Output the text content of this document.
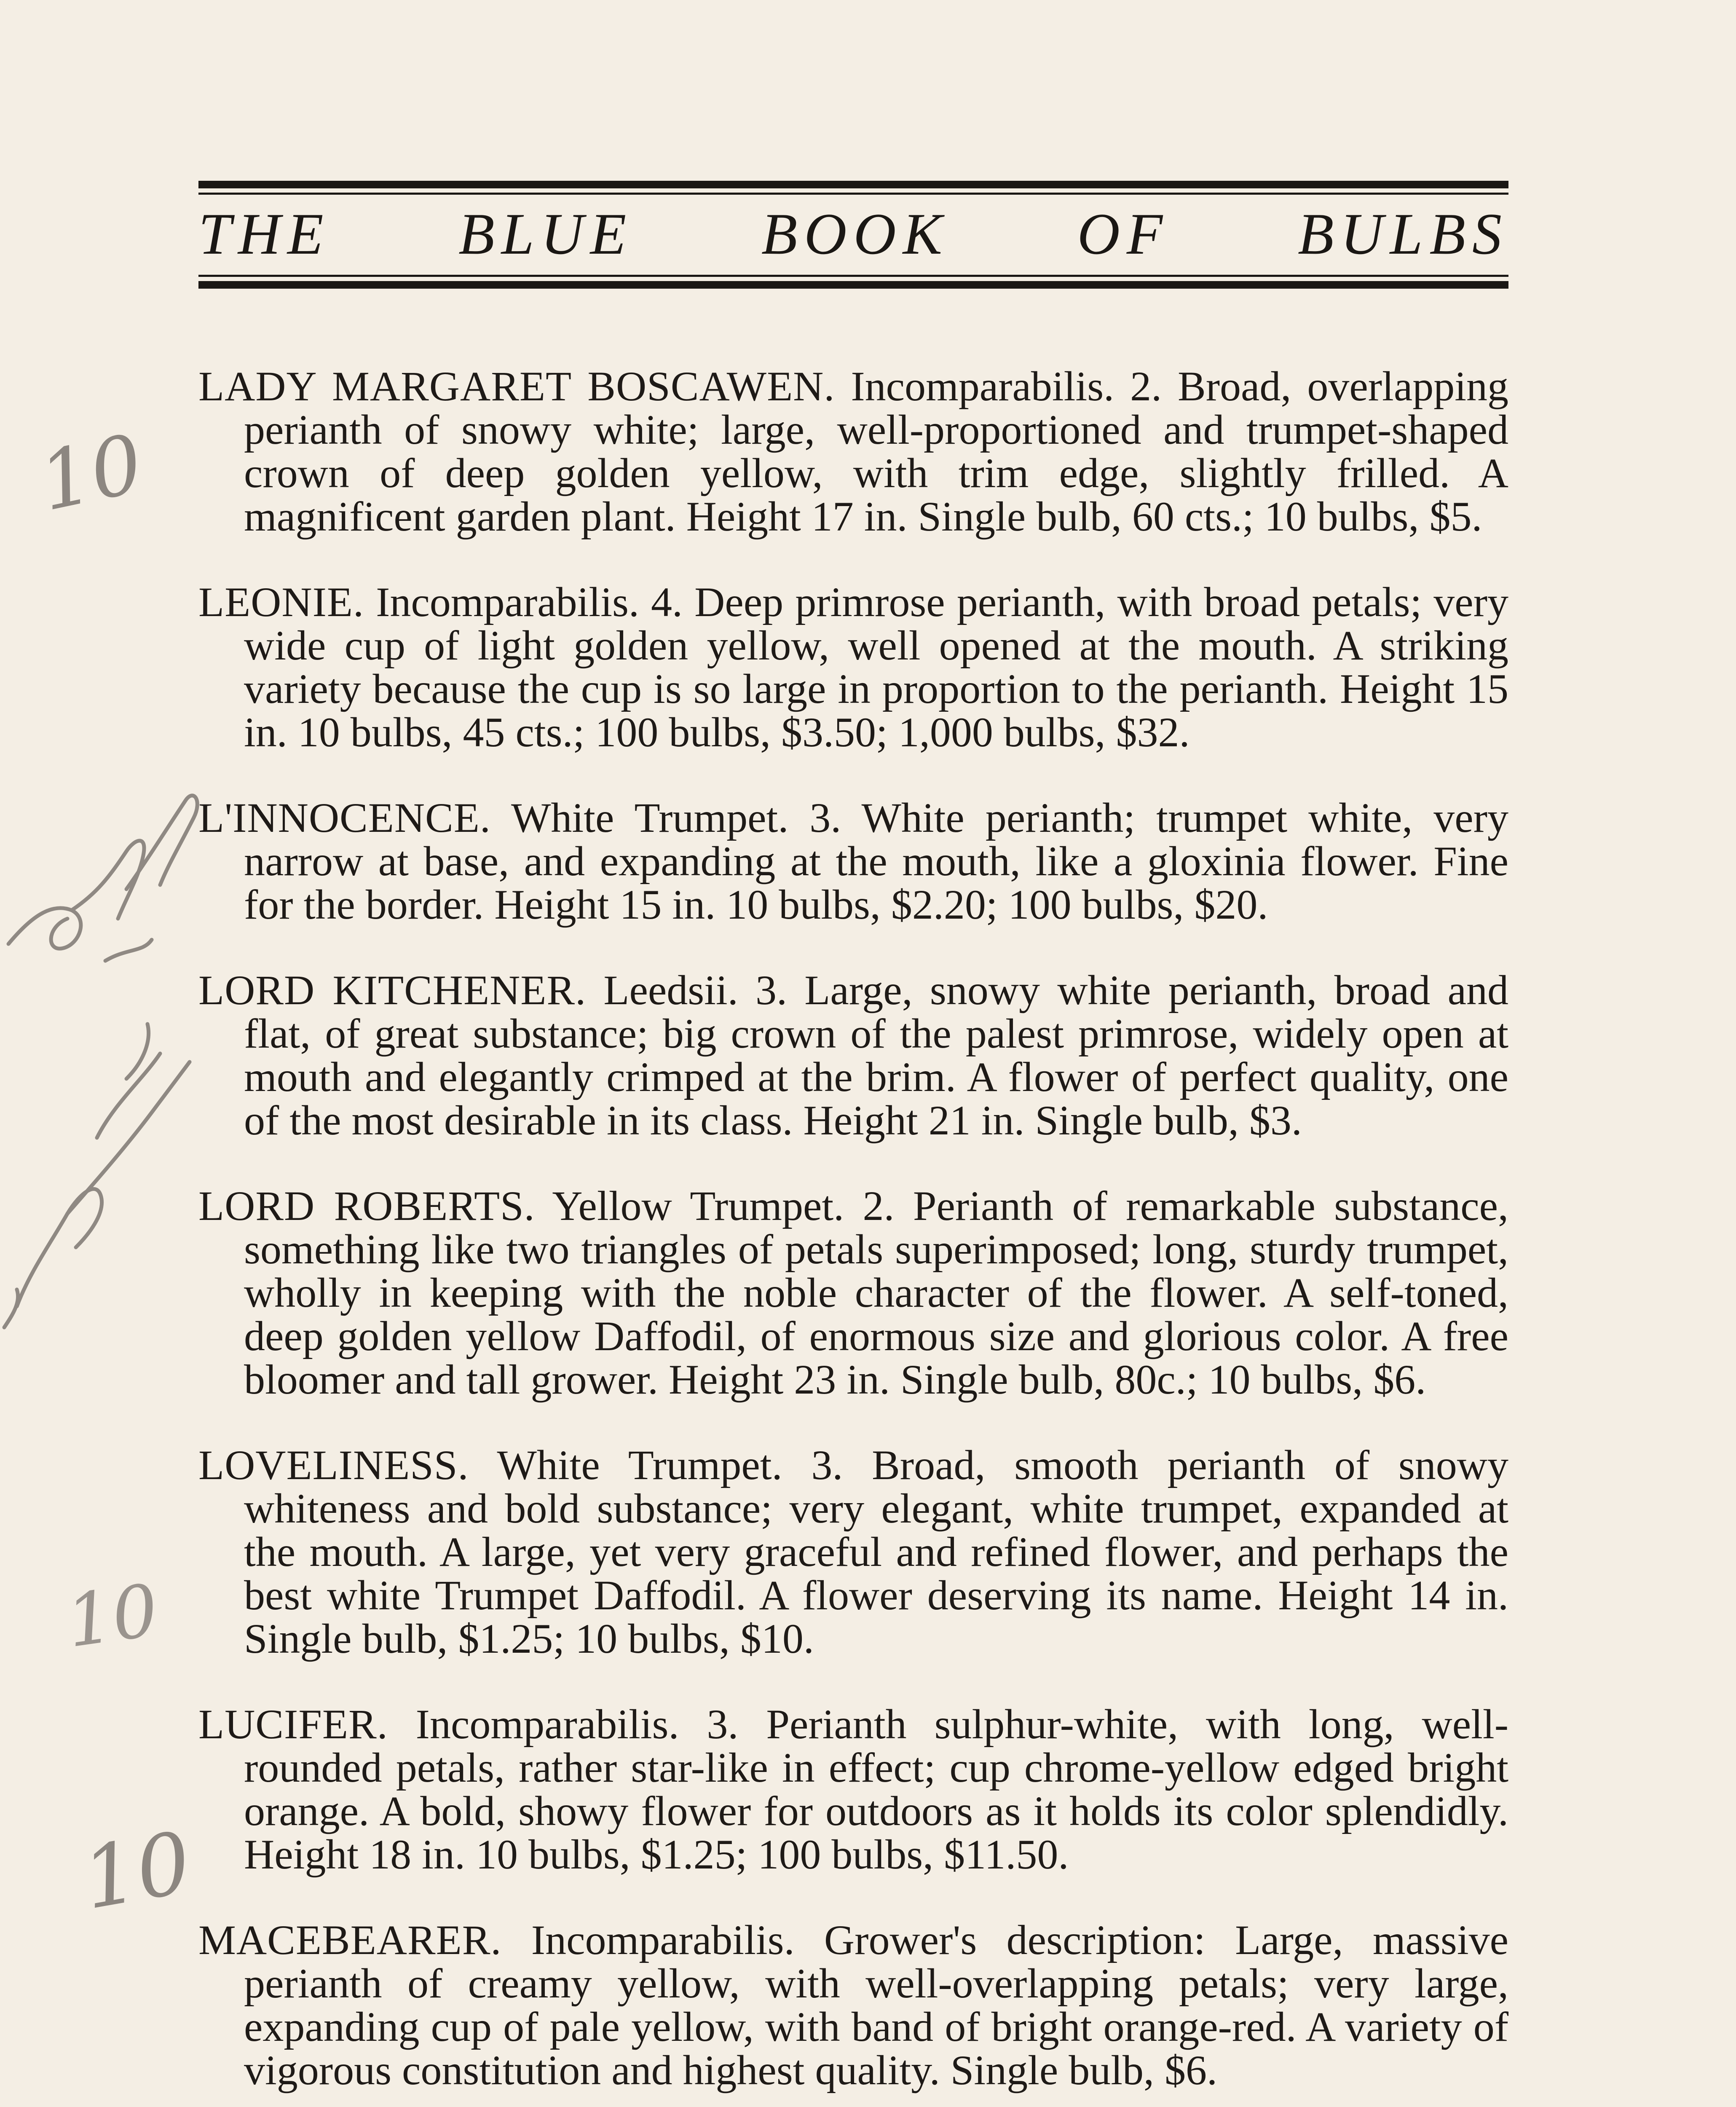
THE BLUE BOOK OF BULBS

LADY MARGARET BOSCAWEN. Incomparabilis. 2. Broad, overlapping perianth of snowy white; large, well-proportioned and trumpet-shaped crown of deep golden yellow, with trim edge, slightly frilled. A magnificent garden plant. Height 17 in. Single bulb, 60 cts.; 10 bulbs, $5.

LEONIE. Incomparabilis. 4. Deep primrose perianth, with broad petals; very wide cup of light golden yellow, well opened at the mouth. A striking variety because the cup is so large in proportion to the perianth. Height 15 in. 10 bulbs, 45 cts.; 100 bulbs, $3.50; 1,000 bulbs, $32.

L'INNOCENCE. White Trumpet. 3. White perianth; trumpet white, very narrow at base, and expanding at the mouth, like a gloxinia flower. Fine for the border. Height 15 in. 10 bulbs, $2.20; 100 bulbs, $20.

LORD KITCHENER. Leedsii. 3. Large, snowy white perianth, broad and flat, of great substance; big crown of the palest primrose, widely open at mouth and elegantly crimped at the brim. A flower of perfect quality, one of the most desirable in its class. Height 21 in. Single bulb, $3.

LORD ROBERTS. Yellow Trumpet. 2. Perianth of remarkable substance, something like two triangles of petals superimposed; long, sturdy trumpet, wholly in keeping with the noble character of the flower. A self-toned, deep golden yellow Daffodil, of enormous size and glorious color. A free bloomer and tall grower. Height 23 in. Single bulb, 80c.; 10 bulbs, $6.

LOVELINESS. White Trumpet. 3. Broad, smooth perianth of snowy whiteness and bold substance; very elegant, white trumpet, expanded at the mouth. A large, yet very graceful and refined flower, and perhaps the best white Trumpet Daffodil. A flower deserving its name. Height 14 in. Single bulb, $1.25; 10 bulbs, $10.

LUCIFER. Incomparabilis. 3. Perianth sulphur-white, with long, well-rounded petals, rather star-like in effect; cup chrome-yellow edged bright orange. A bold, showy flower for outdoors as it holds its color splendidly. Height 18 in. 10 bulbs, $1.25; 100 bulbs, $11.50.

MACEBEARER. Incomparabilis. Grower's description: Large, massive perianth of creamy yellow, with well-overlapping petals; very large, expanding cup of pale yellow, with band of bright orange-red. A variety of vigorous constitution and highest quality. Single bulb, $6.

10
10
10
